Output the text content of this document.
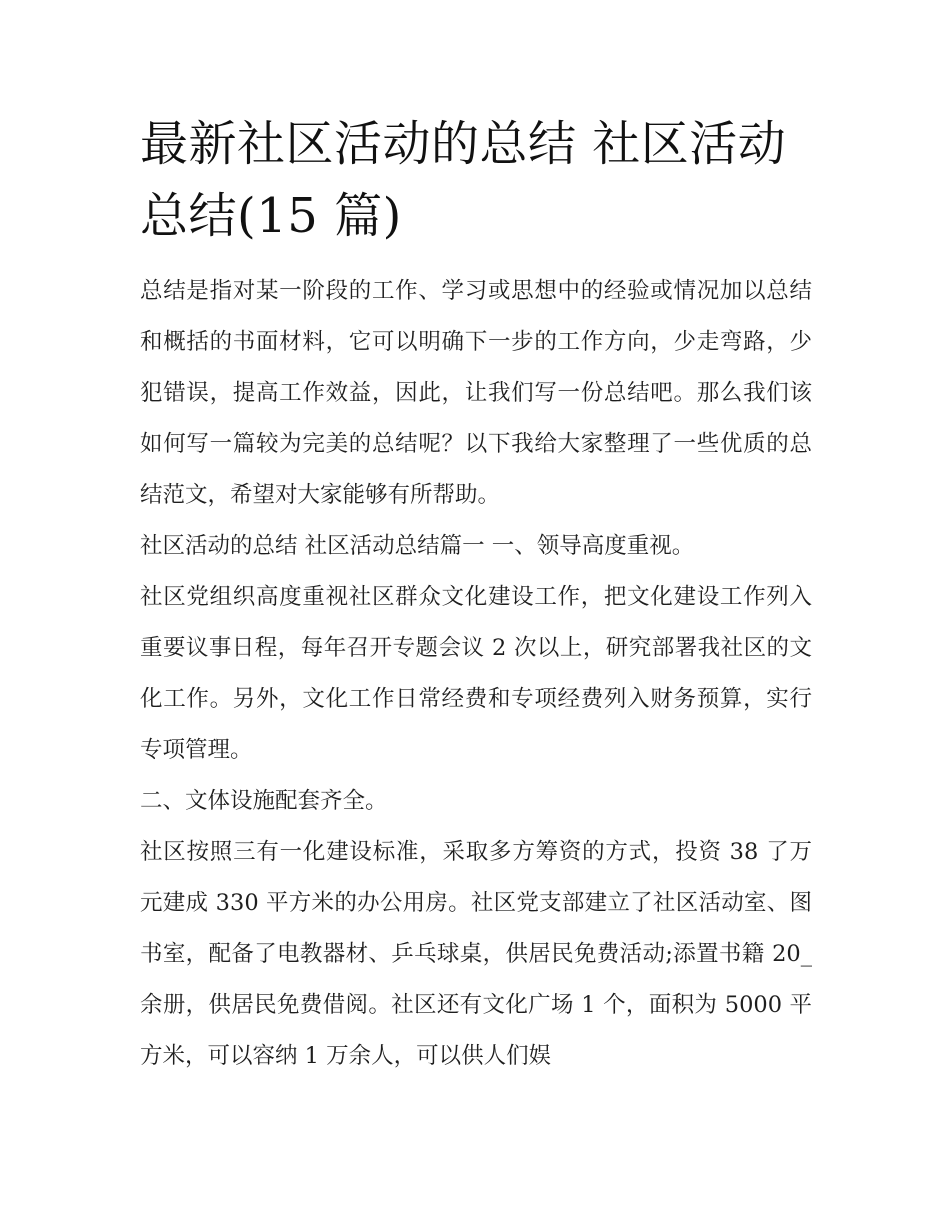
最新社区活动的总结 社区活动总结(15 篇)

总结是指对某一阶段的工作、学习或思想中的经验或情况加以总结和概括的书面材料，它可以明确下一步的工作方向，少走弯路，少犯错误，提高工作效益，因此，让我们写一份总结吧。那么我们该如何写一篇较为完美的总结呢？以下我给大家整理了一些优质的总结范文，希望对大家能够有所帮助。

社区活动的总结 社区活动总结篇一 一、领导高度重视。

社区党组织高度重视社区群众文化建设工作，把文化建设工作列入重要议事日程，每年召开专题会议 2 次以上，研究部署我社区的文化工作。另外，文化工作日常经费和专项经费列入财务预算，实行专项管理。

二、文体设施配套齐全。

社区按照三有一化建设标准，采取多方筹资的方式，投资 38 了万元建成 330 平方米的办公用房。社区党支部建立了社区活动室、图书室，配备了电教器材、乒乓球桌，供居民免费活动;添置书籍 20_余册，供居民免费借阅。社区还有文化广场 1 个，面积为 5000 平方米，可以容纳 1 万余人，可以供人们娱
